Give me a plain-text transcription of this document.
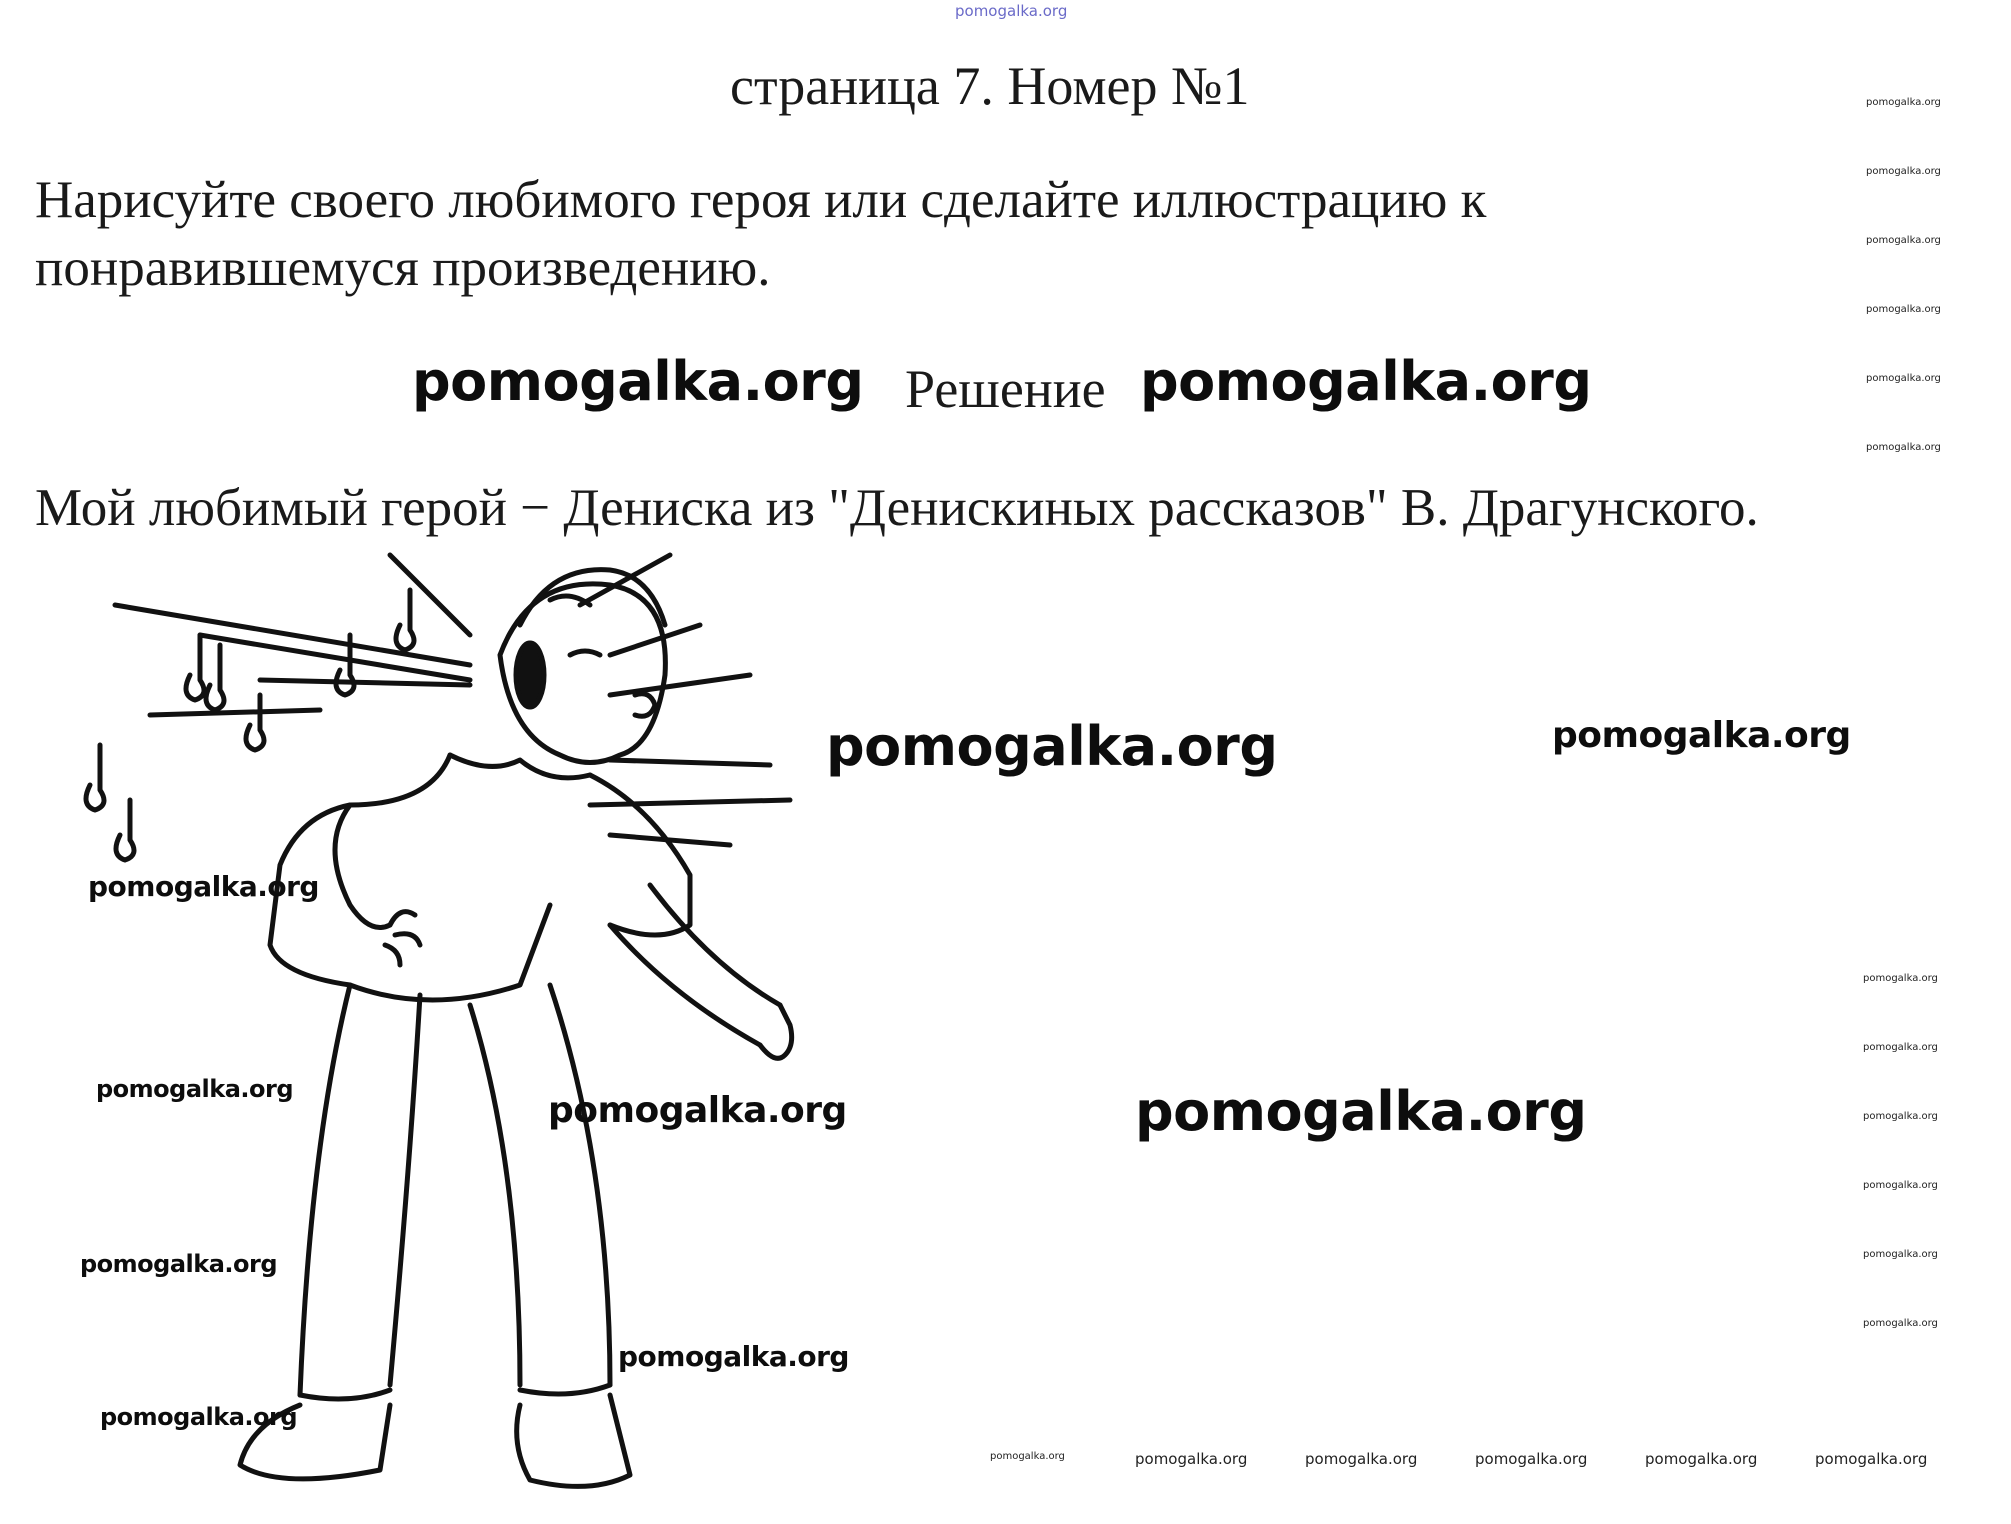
pomogalka.org
страница 7. Номер №1
Нарисуйте своего любимого героя или сделайте иллюстрацию к
понравившемуся произведению.
pomogalka.org Решение pomogalka.org
Мой любимый герой − Дениска из "Денискиных рассказов" В. Драгунского.
pomogalka.org	pomogalka.org
pomogalka.org
pomogalka.org
pomogalka.org	pomogalka.org
pomogalka.org
pomogalka.org
pomogalka.org
pomogalka.org
pomogalka.org
pomogalka.org
pomogalka.org
pomogalka.org
pomogalka.org
pomogalka.org
pomogalka.org
pomogalka.org
pomogalka.org
pomogalka.org
pomogalka.org
pomogalka.org	pomogalka.org	pomogalka.org	pomogalka.org	pomogalka.org	pomogalka.org
